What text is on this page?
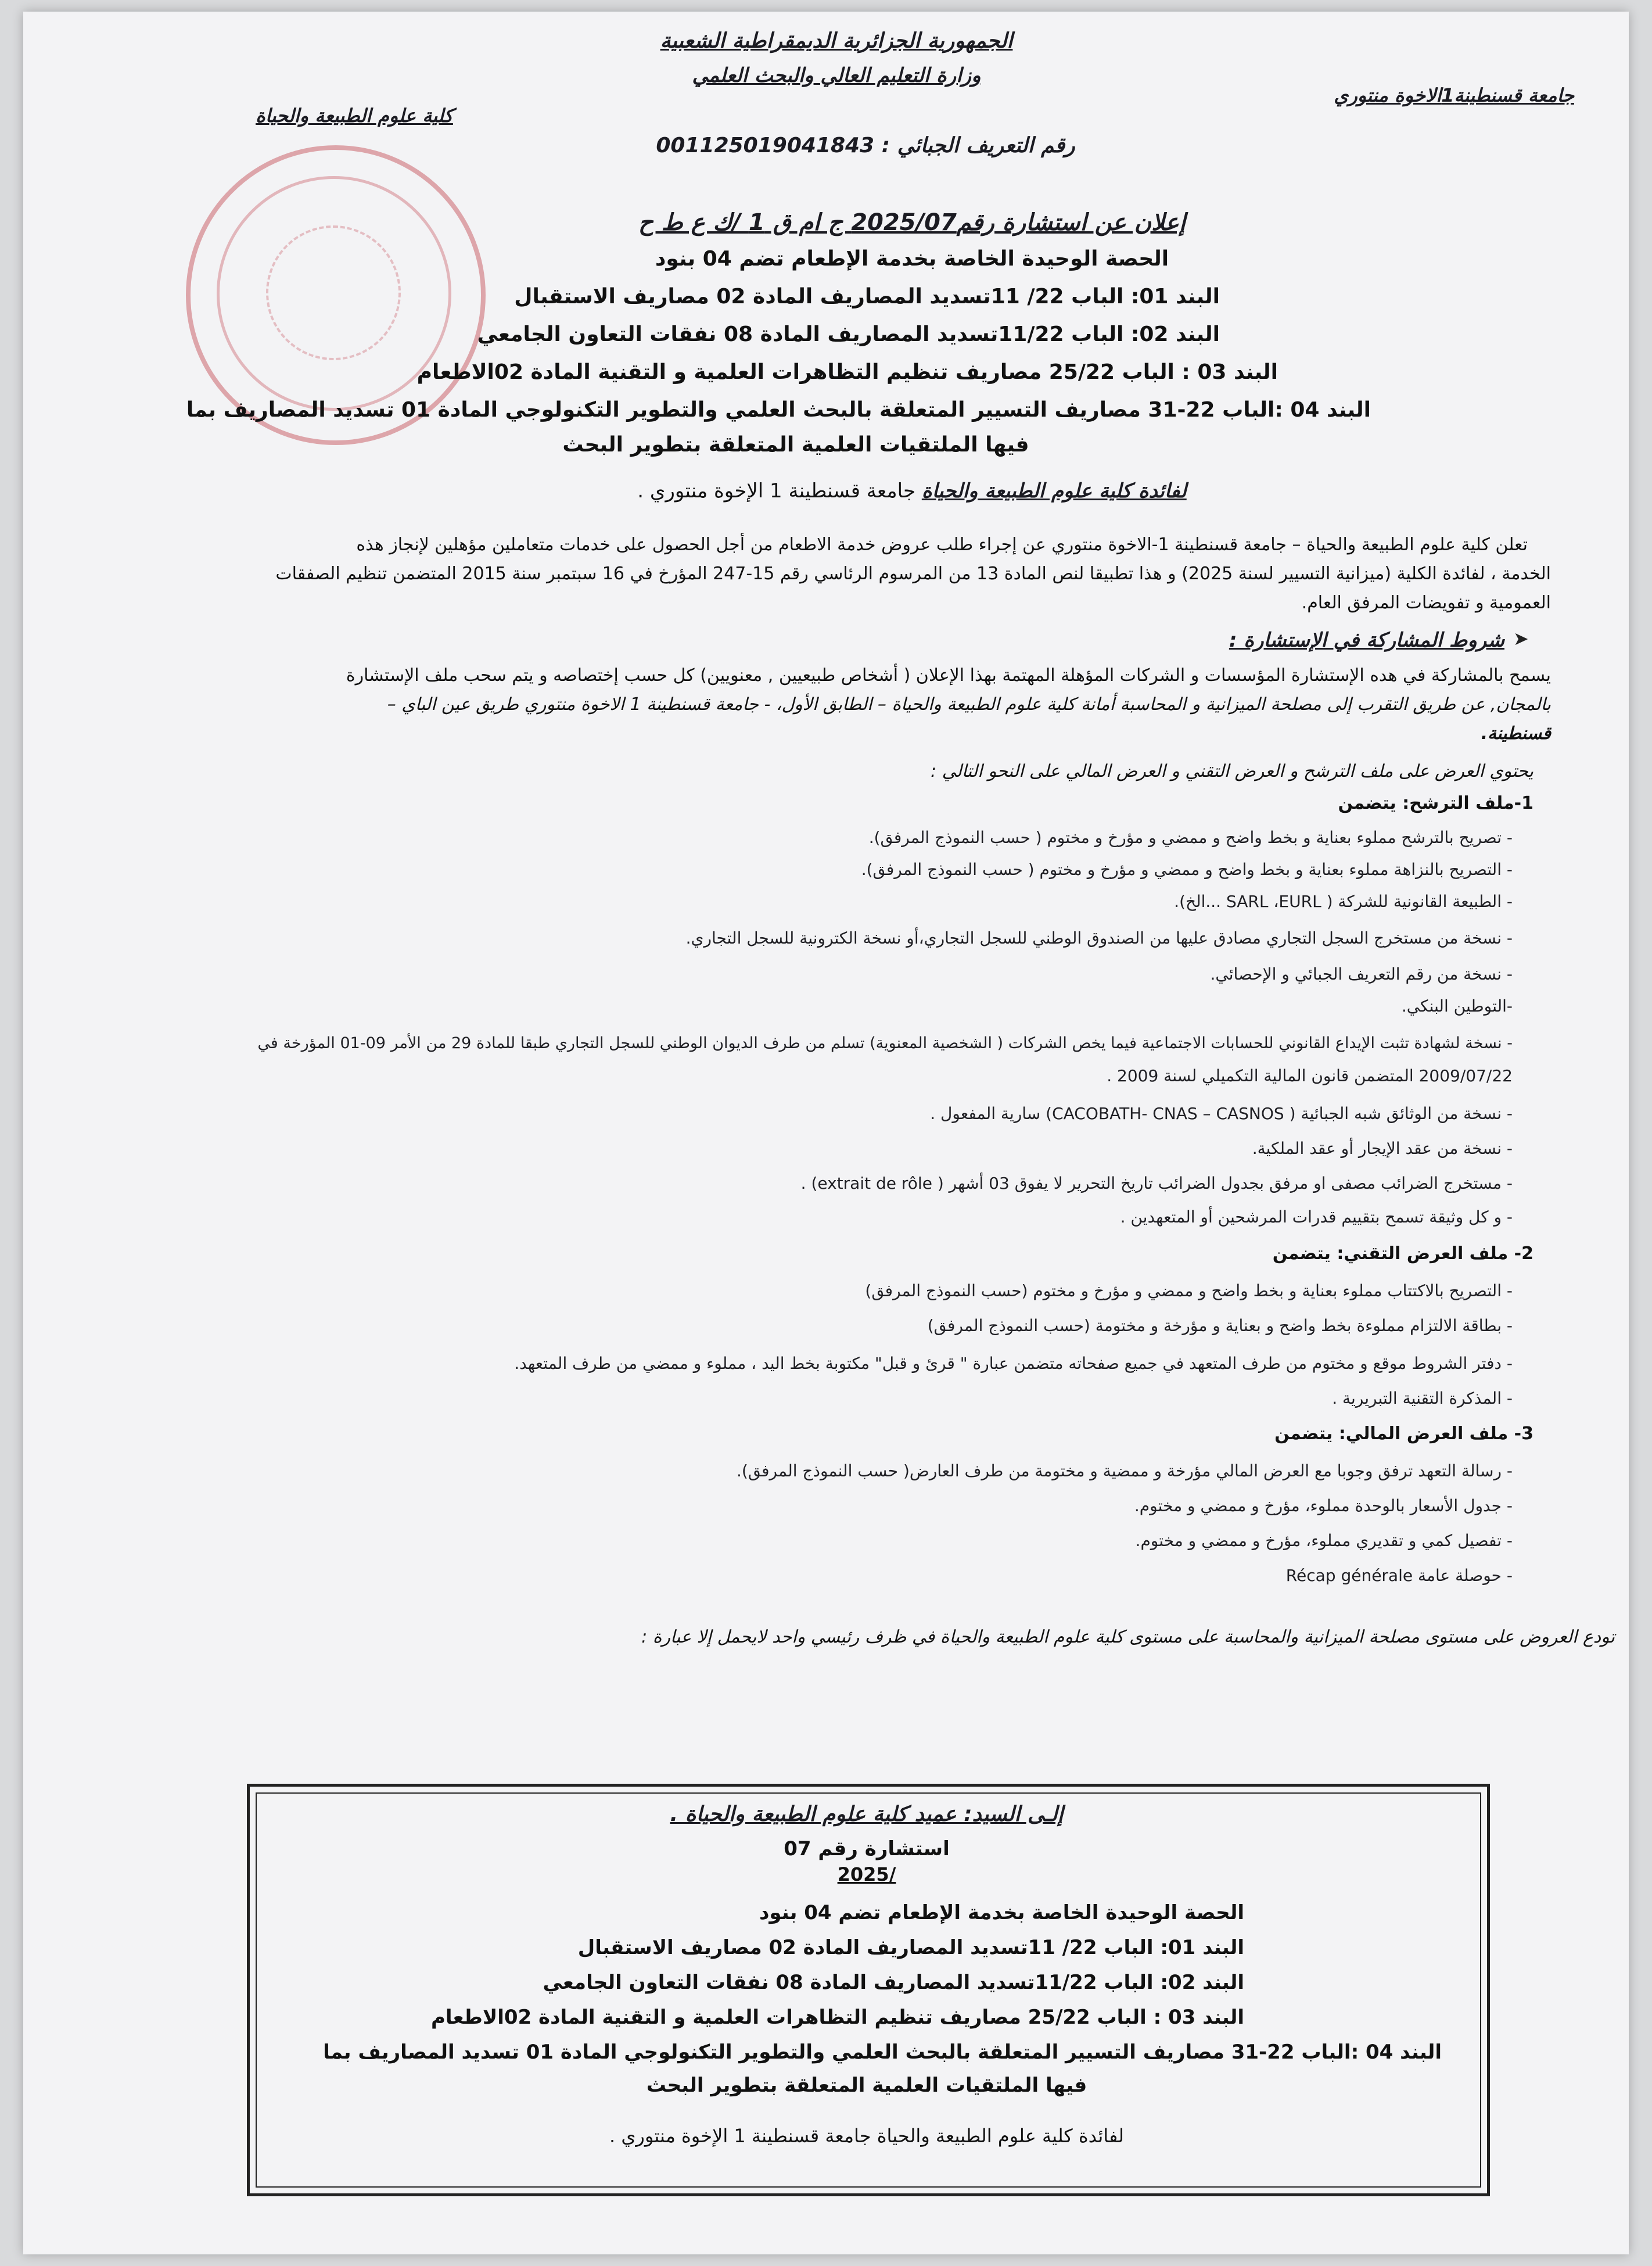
الجمهورية الجزائرية الديمقراطية الشعبية
وزارة التعليم العالي والبحث العلمي
جامعة قسنطينة1الاخوة منتوري
كلية علوم الطبيعة والحياة
رقم التعريف الجبائي : 001125019041843
إعلان عن استشارة رقم2025/07 ج ام ق 1 /ك ع ط ح
الحصة الوحيدة الخاصة بخدمة الإطعام تضم 04 بنود
البند 01: الباب 22/ 11تسديد المصاريف المادة 02 مصاريف الاستقبال
البند 02: الباب 11/22تسديد المصاريف المادة 08 نفقات التعاون الجامعي
البند 03 : الباب 25/22 مصاريف تنظيم التظاهرات العلمية و التقنية المادة 02الاطعام
البند 04 :الباب 22-31 مصاريف التسيير المتعلقة بالبحث العلمي والتطوير التكنولوجي المادة 01 تسديد المصاريف بما
فيها الملتقيات العلمية المتعلقة بتطوير البحث
لفائدة كلية علوم الطبيعة والحياة جامعة قسنطينة 1 الإخوة منتوري .
تعلن كلية علوم الطبيعة والحياة – جامعة قسنطينة 1-الاخوة منتوري عن إجراء طلب عروض خدمة الاطعام من أجل الحصول على خدمات متعاملين مؤهلين لإنجاز هذه
الخدمة ، لفائدة الكلية (ميزانية التسيير لسنة 2025) و هذا تطبيقا لنص المادة 13 من المرسوم الرئاسي رقم 15-247 المؤرخ في 16 سبتمبر سنة 2015 المتضمن تنظيم الصفقات
العمومية و تفويضات المرفق العام.
شروط المشاركة في الإستشارة : ➤
يسمح بالمشاركة في هده الإستشارة المؤسسات و الشركات المؤهلة المهتمة بهذا الإعلان ( أشخاص طبيعيين , معنويين) كل حسب إختصاصه و يتم سحب ملف الإستشارة
بالمجان, عن طريق التقرب إلى مصلحة الميزانية و المحاسبة أمانة كلية علوم الطبيعة والحياة – الطابق الأول، - جامعة قسنطينة 1 الاخوة منتوري طريق عين الباي –
قسنطينة.
يحتوي العرض على ملف الترشح و العرض التقني و العرض المالي على النحو التالي :
1-ملف الترشح: يتضمن
- تصريح بالترشح مملوء بعناية و بخط واضح و ممضي و مؤرخ و مختوم ( حسب النموذج المرفق).
- التصريح بالنزاهة مملوء بعناية و بخط واضح و ممضي و مؤرخ و مختوم ( حسب النموذج المرفق).
- الطبيعة القانونية للشركة ( SARL ،EURL ...الخ).
- نسخة من مستخرج السجل التجاري مصادق عليها من الصندوق الوطني للسجل التجاري،أو نسخة الكترونية للسجل التجاري.
- نسخة من رقم التعريف الجبائي و الإحصائي.
-التوطين البنكي.
- نسخة لشهادة تثبت الإيداع القانوني للحسابات الاجتماعية فيما يخص الشركات ( الشخصية المعنوية) تسلم من طرف الديوان الوطني للسجل التجاري طبقا للمادة 29 من الأمر 09-01 المؤرخة في
2009/07/22 المتضمن قانون المالية التكميلي لسنة 2009 .
- نسخة من الوثائق شبه الجبائية ( CACOBATH- CNAS – CASNOS) سارية المفعول .
- نسخة من عقد الإيجار أو عقد الملكية.
- مستخرج الضرائب مصفى او مرفق بجدول الضرائب تاريخ التحرير لا يفوق 03 أشهر ( extrait de rôle) .
- و كل وثيقة تسمح بتقييم قدرات المرشحين أو المتعهدين .
2- ملف العرض التقني: يتضمن
- التصريح بالاكتتاب مملوء بعناية و بخط واضح و ممضي و مؤرخ و مختوم (حسب النموذج المرفق)
- بطاقة الالتزام مملوءة بخط واضح و بعناية و مؤرخة و مختومة (حسب النموذج المرفق)
- دفتر الشروط موقع و مختوم من طرف المتعهد في جميع صفحاته متضمن عبارة " قرئ و قبل" مكتوبة بخط اليد ، مملوء و ممضي من طرف المتعهد.
- المذكرة التقنية التبريرية .
3- ملف العرض المالي: يتضمن
- رسالة التعهد ترفق وجوبا مع العرض المالي مؤرخة و ممضية و مختومة من طرف العارض( حسب النموذج المرفق).
- جدول الأسعار بالوحدة مملوء، مؤرخ و ممضي و مختوم.
- تفصيل كمي و تقديري مملوء، مؤرخ و ممضي و مختوم.
- حوصلة عامة Récap générale
تودع العروض على مستوى مصلحة الميزانية والمحاسبة على مستوى كلية علوم الطبيعة والحياة في ظرف رئيسي واحد لايحمل إلا عبارة :
إلـى السيد: عميد كلية علوم الطبيعة والحياة .
استشارة رقم 07
2025/
الحصة الوحيدة الخاصة بخدمة الإطعام تضم 04 بنود
البند 01: الباب 22/ 11تسديد المصاريف المادة 02 مصاريف الاستقبال
البند 02: الباب 11/22تسديد المصاريف المادة 08 نفقات التعاون الجامعي
البند 03 : الباب 25/22 مصاريف تنظيم التظاهرات العلمية و التقنية المادة 02الاطعام
البند 04 :الباب 22-31 مصاريف التسيير المتعلقة بالبحث العلمي والتطوير التكنولوجي المادة 01 تسديد المصاريف بما
فيها الملتقيات العلمية المتعلقة بتطوير البحث
لفائدة كلية علوم الطبيعة والحياة جامعة قسنطينة 1 الإخوة منتوري .
